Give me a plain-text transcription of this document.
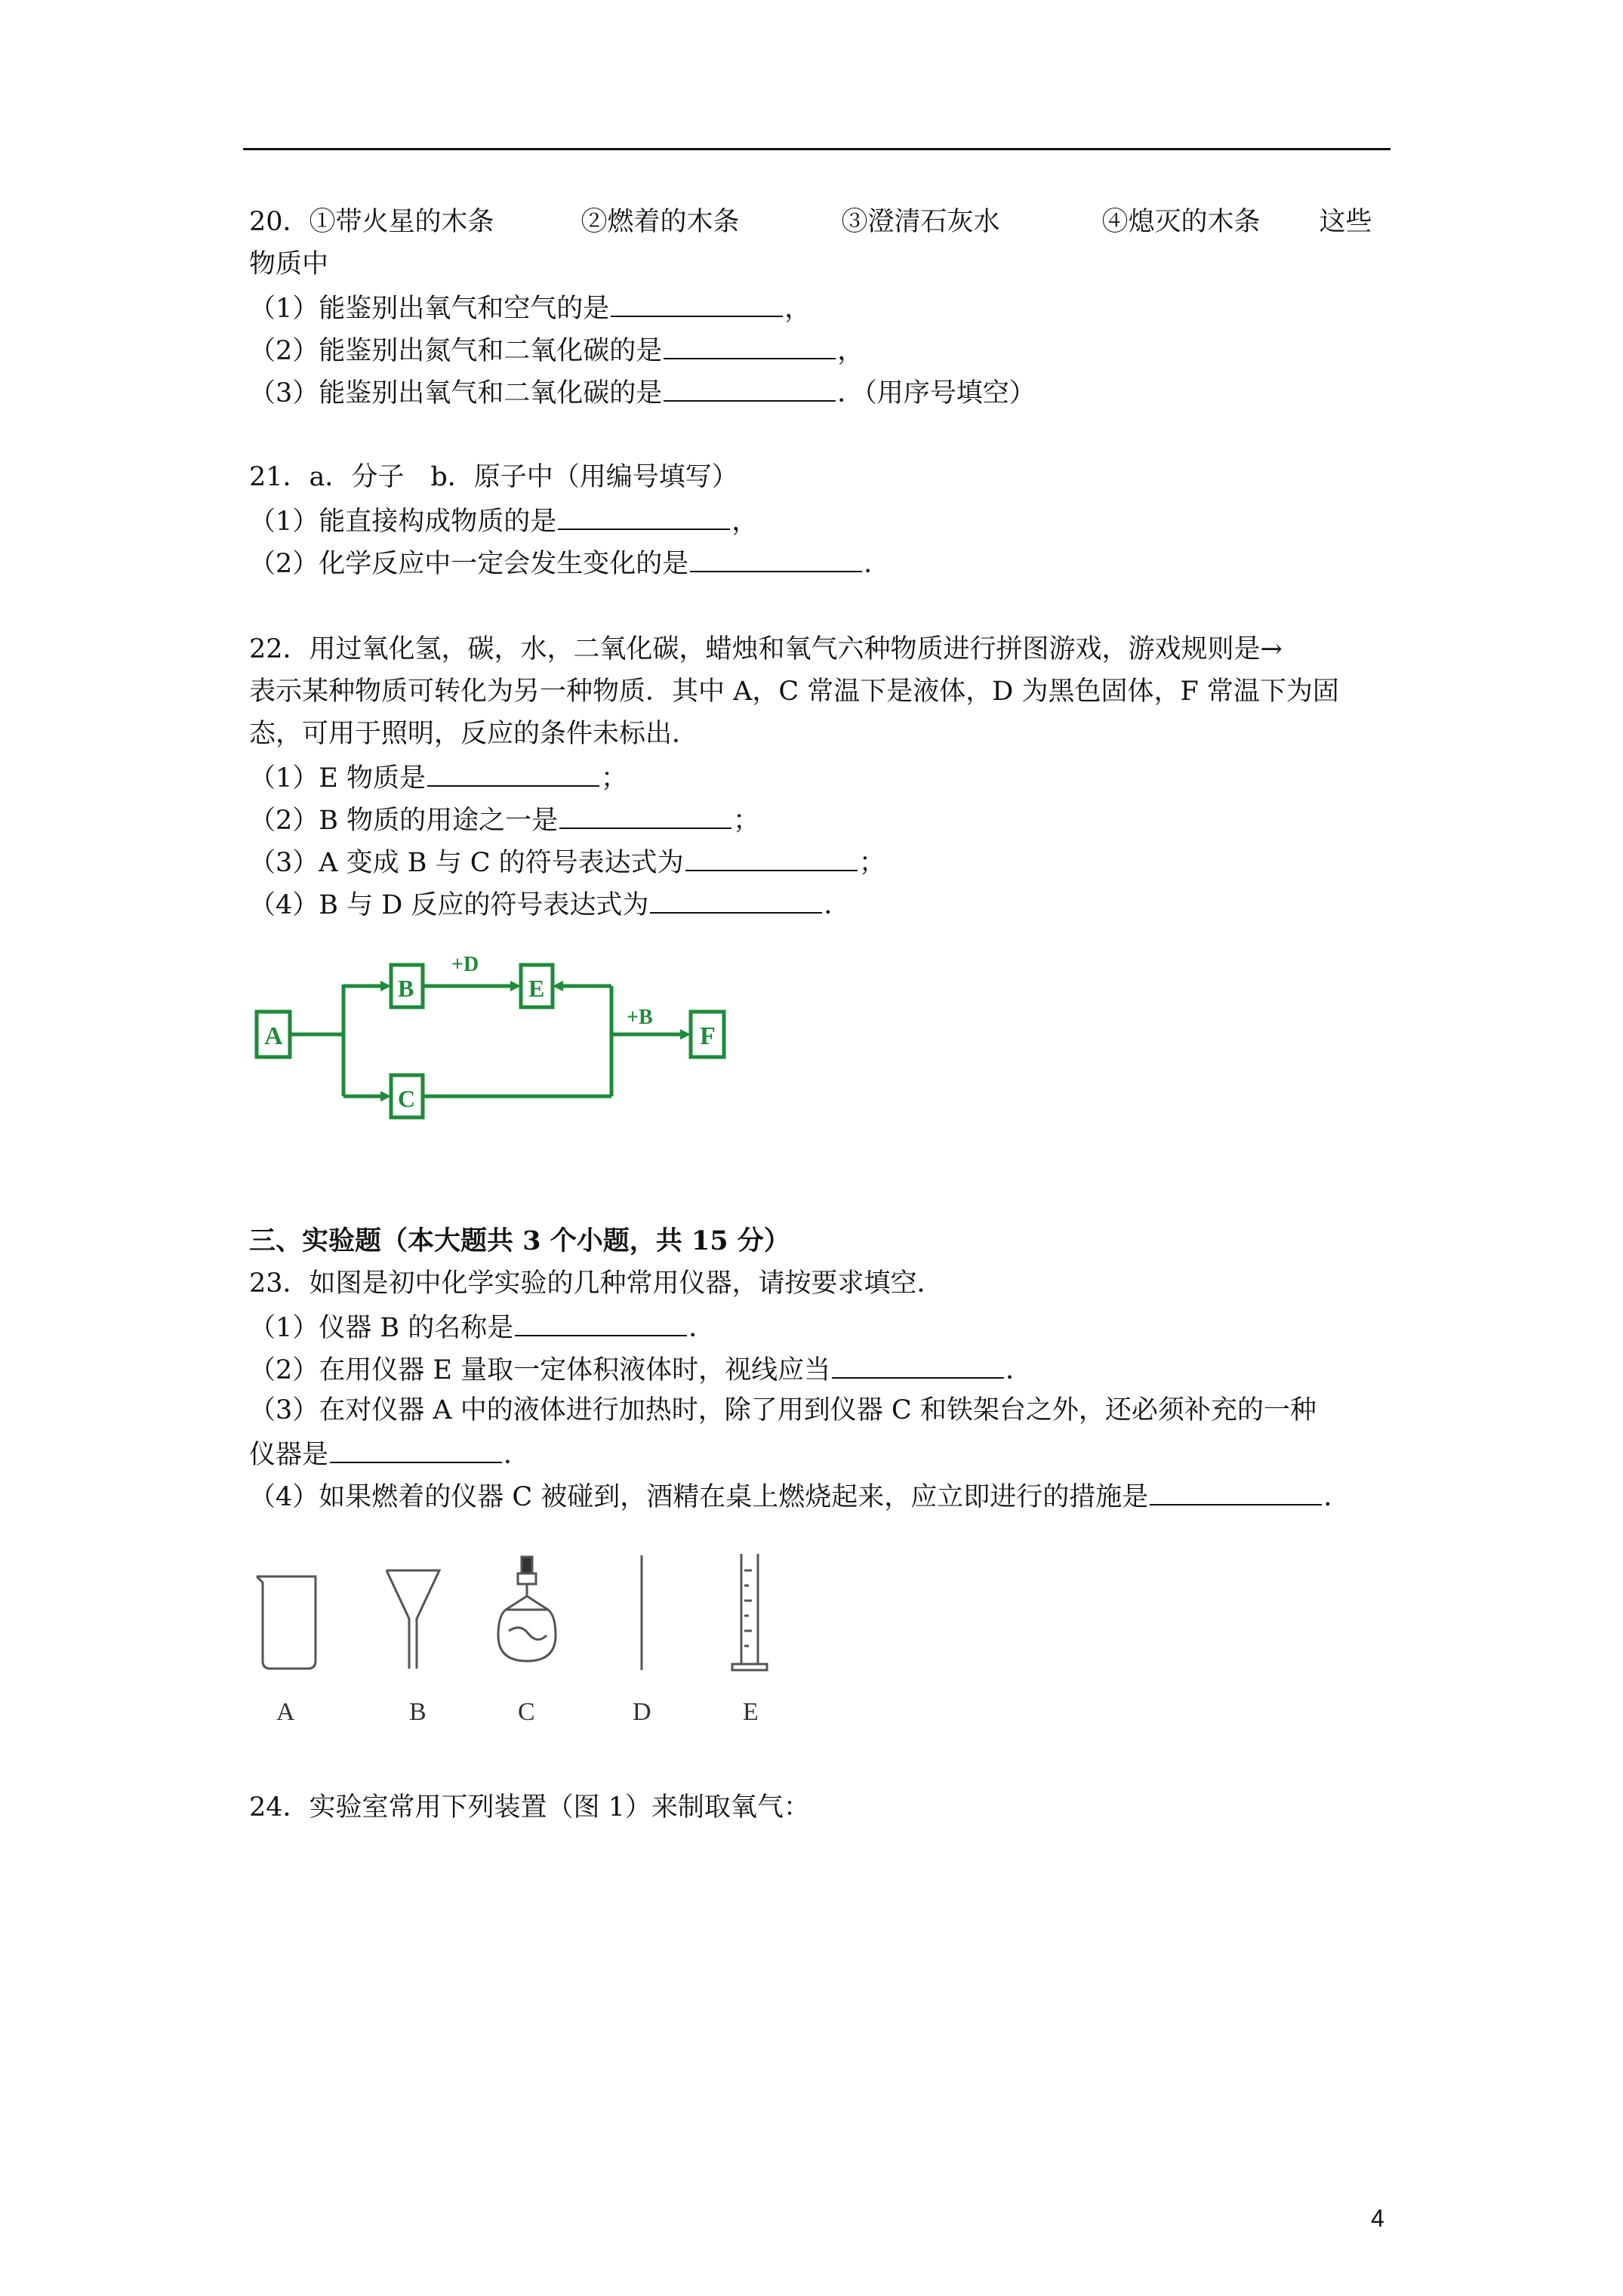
20．①带火星的木条	②燃着的木条	③澄清石灰水	④熄灭的木条 这些
物质中
（1）能鉴别出氧气和空气的是	，
（2）能鉴别出氮气和二氧化碳的是	，
（3）能鉴别出氧气和二氧化碳的是	．（用序号填空）
21．a．分子　b．原子中（用编号填写）
（1）能直接构成物质的是	，
（2）化学反应中一定会发生变化的是	．
22．用过氧化氢，碳，水，二氧化碳，蜡烛和氧气六种物质进行拼图游戏，游戏规则是→
表示某种物质可转化为另一种物质．其中 A，C 常温下是液体，D 为黑色固体，F 常温下为固
态，可用于照明，反应的条件未标出．
（1）E 物质是	；
（2）B 物质的用途之一是	；
（3）A 变成 B 与 C 的符号表达式为	；
（4）B 与 D 反应的符号表达式为	．
A
B
C
E
F
+D
+B
三、实验题（本大题共 3 个小题，共 15 分）
23．如图是初中化学实验的几种常用仪器，请按要求填空．
（1）仪器 B 的名称是	．
（2）在用仪器 E 量取一定体积液体时，视线应当	．
（3）在对仪器 A 中的液体进行加热时，除了用到仪器 C 和铁架台之外，还必须补充的一种
仪器是	．
（4）如果燃着的仪器 C 被碰到，酒精在桌上燃烧起来，应立即进行的措施是	．
A	B	C	D	E
24．实验室常用下列装置（图 1）来制取氧气：
4
